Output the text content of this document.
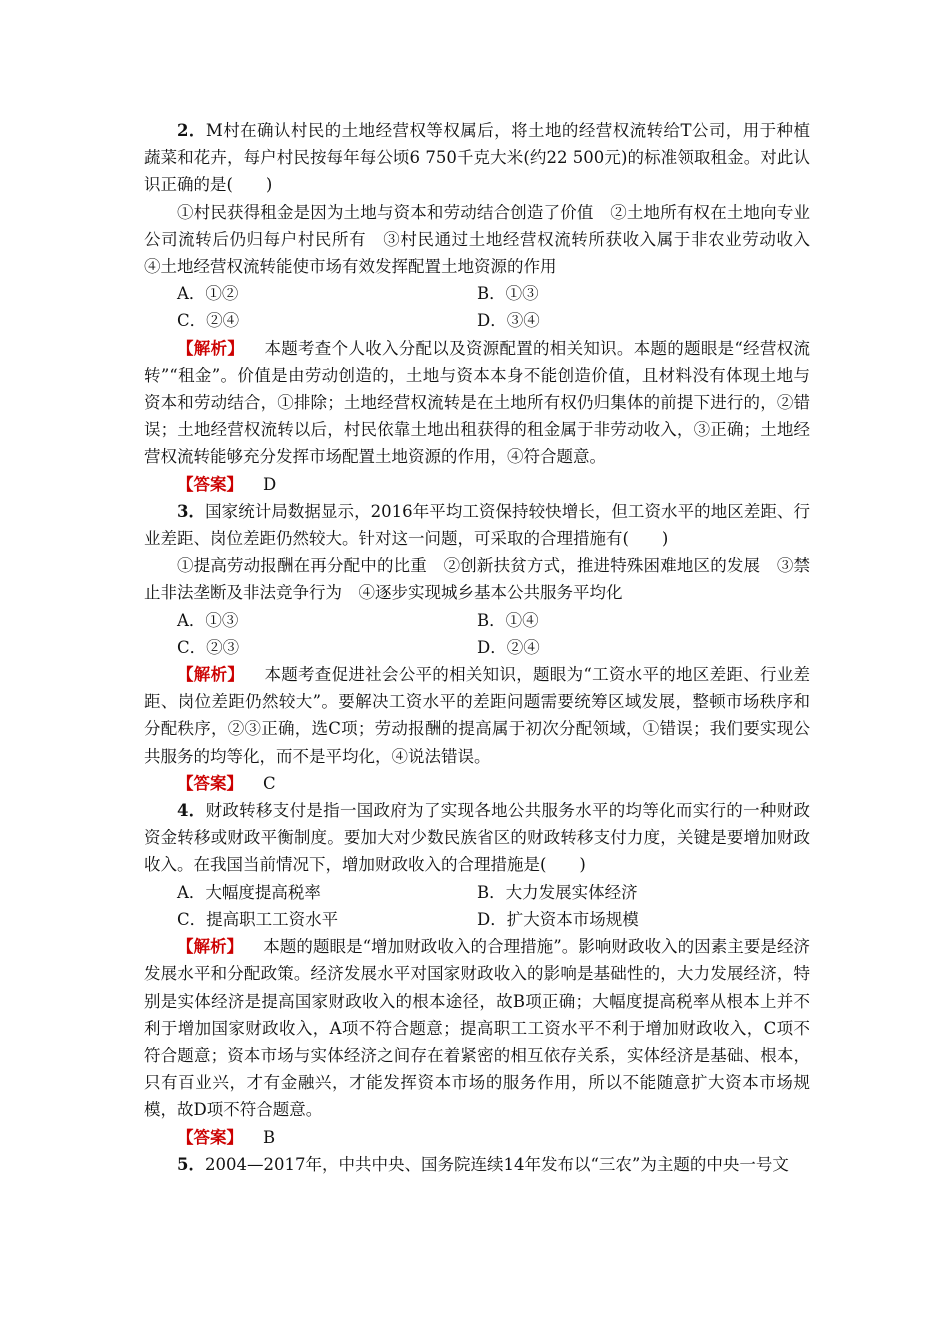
2．M村在确认村民的土地经营权等权属后，将土地的经营权流转给T公司，用于种植蔬菜和花卉，每户村民按每年每公顷6 750千克大米(约22 500元)的标准领取租金。对此认识正确的是(　　)

①村民获得租金是因为土地与资本和劳动结合创造了价值　②土地所有权在土地向专业公司流转后仍归每户村民所有　③村民通过土地经营权流转所获收入属于非农业劳动收入　④土地经营权流转能使市场有效发挥配置土地资源的作用

A．①②	B．①③
C．②④	D．③④

【解析】 本题考查个人收入分配以及资源配置的相关知识。本题的题眼是“经营权流转”“租金”。价值是由劳动创造的，土地与资本本身不能创造价值，且材料没有体现土地与资本和劳动结合，①排除；土地经营权流转是在土地所有权仍归集体的前提下进行的，②错误；土地经营权流转以后，村民依靠土地出租获得的租金属于非劳动收入，③正确；土地经营权流转能够充分发挥市场配置土地资源的作用，④符合题意。

【答案】 D

3．国家统计局数据显示，2016年平均工资保持较快增长，但工资水平的地区差距、行业差距、岗位差距仍然较大。针对这一问题，可采取的合理措施有(　　)

①提高劳动报酬在再分配中的比重　②创新扶贫方式，推进特殊困难地区的发展　③禁止非法垄断及非法竞争行为　④逐步实现城乡基本公共服务平均化

A．①③	B．①④
C．②③	D．②④

【解析】 本题考查促进社会公平的相关知识，题眼为“工资水平的地区差距、行业差距、岗位差距仍然较大”。要解决工资水平的差距问题需要统筹区域发展，整顿市场秩序和分配秩序，②③正确，选C项；劳动报酬的提高属于初次分配领域，①错误；我们要实现公共服务的均等化，而不是平均化，④说法错误。

【答案】 C

4．财政转移支付是指一国政府为了实现各地公共服务水平的均等化而实行的一种财政资金转移或财政平衡制度。要加大对少数民族省区的财政转移支付力度，关键是要增加财政收入。在我国当前情况下，增加财政收入的合理措施是(　　)

A．大幅度提高税率	B．大力发展实体经济
C．提高职工工资水平	D．扩大资本市场规模

【解析】 本题的题眼是“增加财政收入的合理措施”。影响财政收入的因素主要是经济发展水平和分配政策。经济发展水平对国家财政收入的影响是基础性的，大力发展经济，特别是实体经济是提高国家财政收入的根本途径，故B项正确；大幅度提高税率从根本上并不利于增加国家财政收入，A项不符合题意；提高职工工资水平不利于增加财政收入，C项不符合题意；资本市场与实体经济之间存在着紧密的相互依存关系，实体经济是基础、根本，只有百业兴，才有金融兴，才能发挥资本市场的服务作用，所以不能随意扩大资本市场规模，故D项不符合题意。

【答案】 B

5．2004—2017年，中共中央、国务院连续14年发布以“三农”为主题的中央一号文
